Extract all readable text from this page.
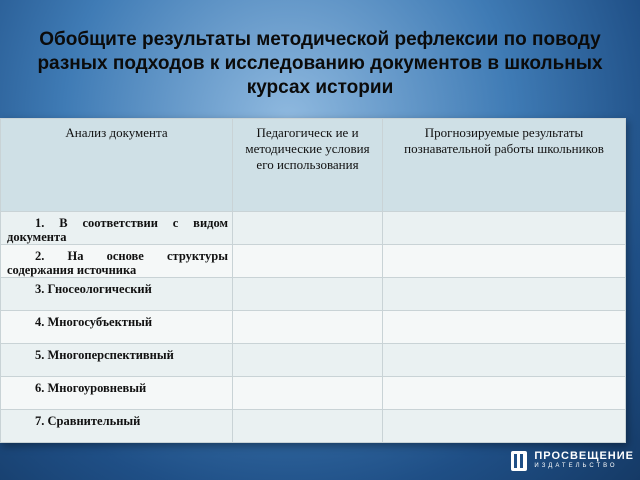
Обобщите результаты методической рефлексии по поводу разных подходов к исследованию документов в школьных курсах истории
Анализ документа	Педагогическ ие и методические условия его использования	Прогнозируемые результаты познавательной работы школьников

1. В соответствии с видом документа		

2. На основе структуры содержания источника		

3. Гносеологический		

4. Многосубъектный		

5. Многоперспективный		

6. Многоуровневый		

7. Сравнительный		

ПРОСВЕЩЕНИЕ
ИЗДАТЕЛЬСТВО
